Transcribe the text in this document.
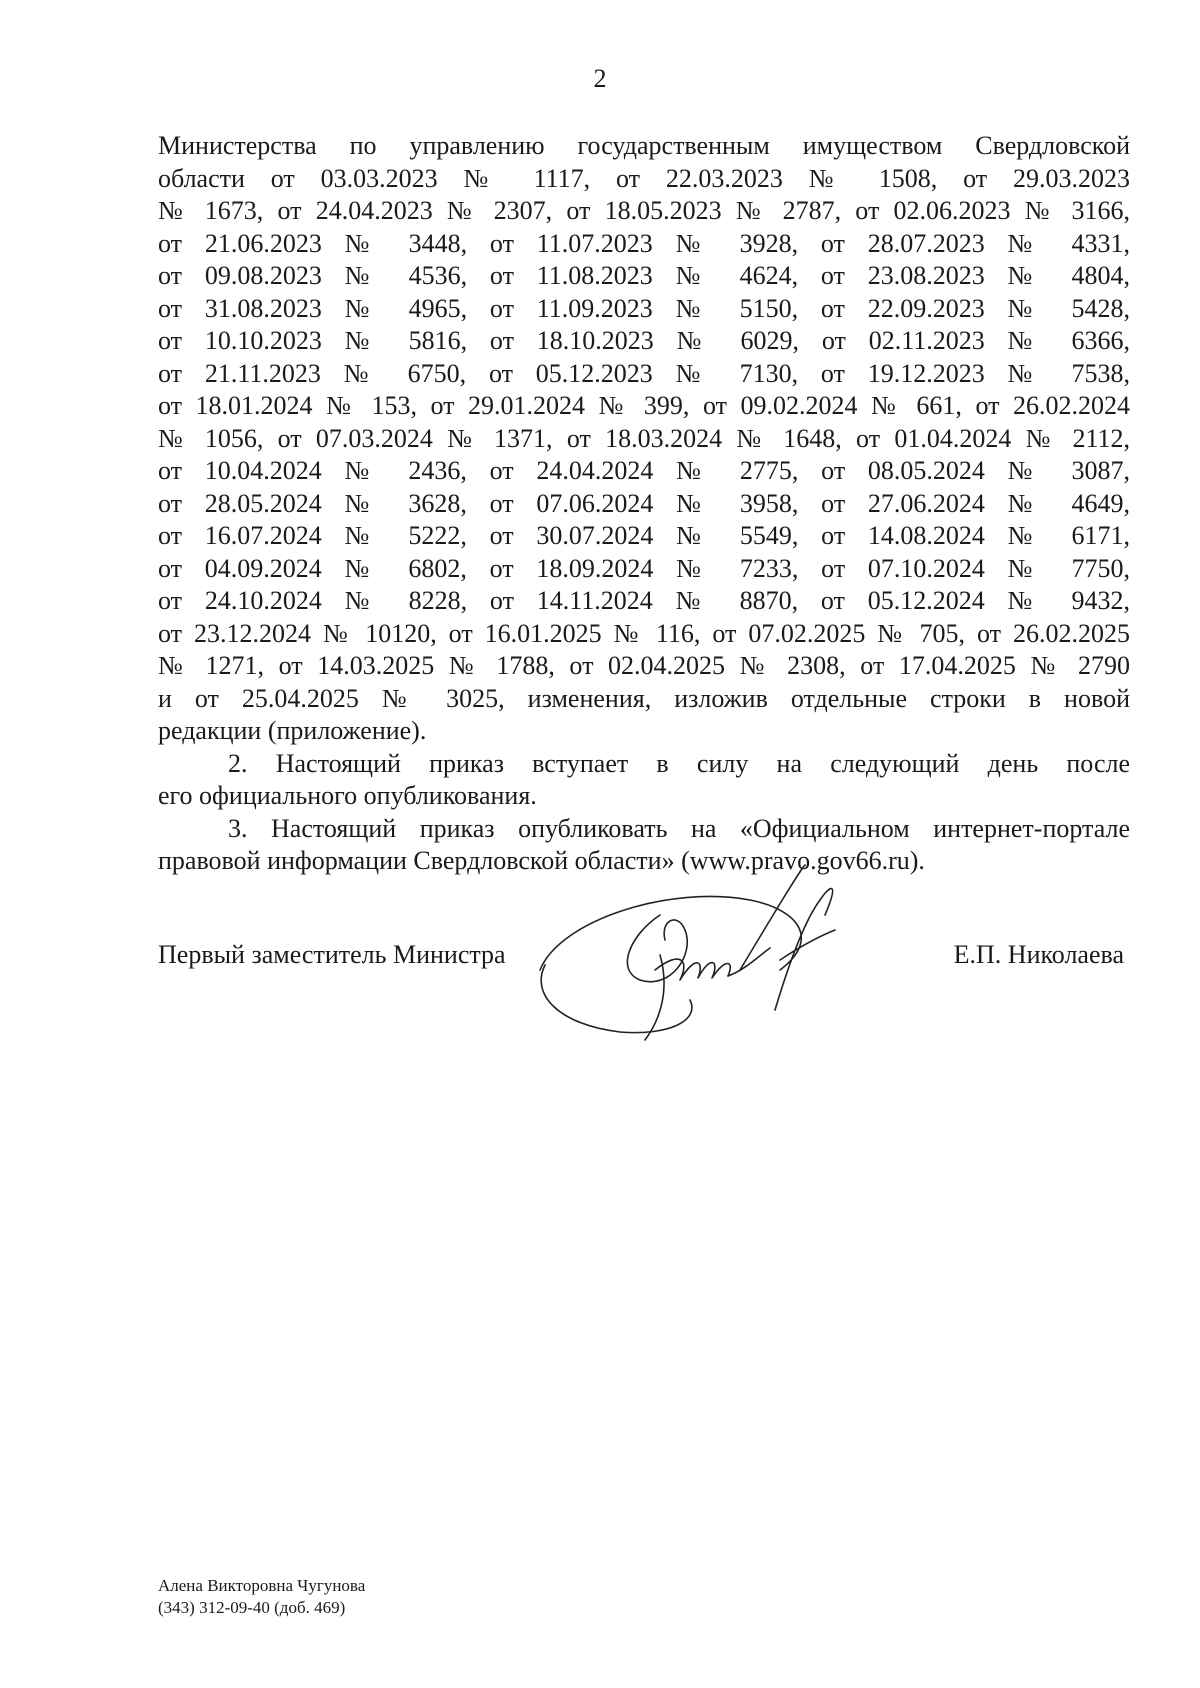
2
Министерства по управлению государственным имуществом Свердловской
области от 03.03.2023 № 1117, от 22.03.2023 № 1508, от 29.03.2023
№ 1673, от 24.04.2023 № 2307, от 18.05.2023 № 2787, от 02.06.2023 № 3166,
от 21.06.2023 № 3448, от 11.07.2023 № 3928, от 28.07.2023 № 4331,
от 09.08.2023 № 4536, от 11.08.2023 № 4624, от 23.08.2023 № 4804,
от 31.08.2023 № 4965, от 11.09.2023 № 5150, от 22.09.2023 № 5428,
от 10.10.2023 № 5816, от 18.10.2023 № 6029, от 02.11.2023 № 6366,
от 21.11.2023 № 6750, от 05.12.2023 № 7130, от 19.12.2023 № 7538,
от 18.01.2024 № 153, от 29.01.2024 № 399, от 09.02.2024 № 661, от 26.02.2024
№ 1056, от 07.03.2024 № 1371, от 18.03.2024 № 1648, от 01.04.2024 № 2112,
от 10.04.2024 № 2436, от 24.04.2024 № 2775, от 08.05.2024 № 3087,
от 28.05.2024 № 3628, от 07.06.2024 № 3958, от 27.06.2024 № 4649,
от 16.07.2024 № 5222, от 30.07.2024 № 5549, от 14.08.2024 № 6171,
от 04.09.2024 № 6802, от 18.09.2024 № 7233, от 07.10.2024 № 7750,
от 24.10.2024 № 8228, от 14.11.2024 № 8870, от 05.12.2024 № 9432,
от 23.12.2024 № 10120, от 16.01.2025 № 116, от 07.02.2025 № 705, от 26.02.2025
№ 1271, от 14.03.2025 № 1788, от 02.04.2025 № 2308, от 17.04.2025 № 2790
и от 25.04.2025 № 3025, изменения, изложив отдельные строки в новой
редакции (приложение).
2. Настоящий приказ вступает в силу на следующий день после
его официального опубликования.
3. Настоящий приказ опубликовать на «Официальном интернет-портале
правовой информации Свердловской области» (www.pravo.gov66.ru).
Первый заместитель Министра	Е.П. Николаева
Алена Викторовна Чугунова
(343) 312-09-40 (доб. 469)
